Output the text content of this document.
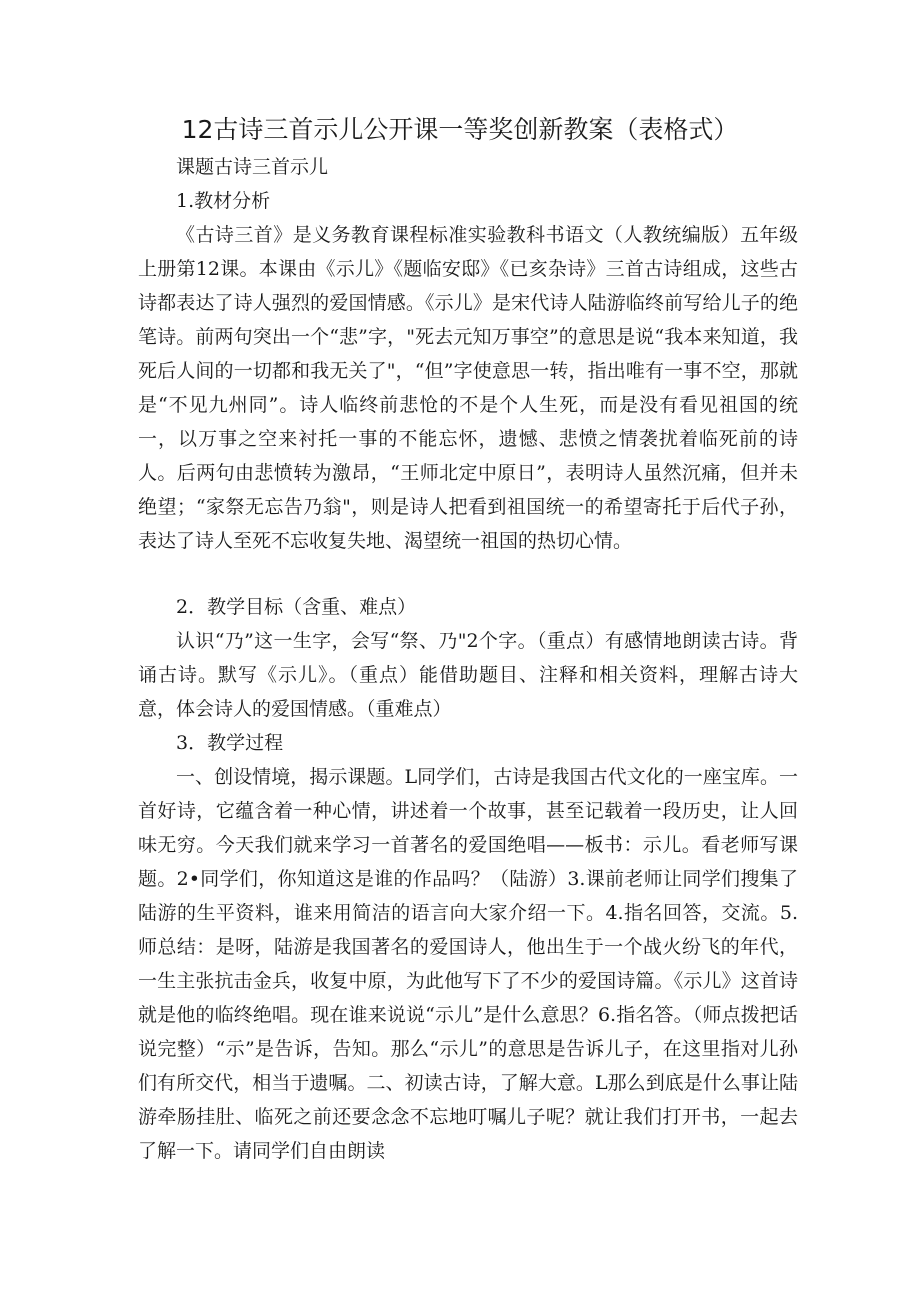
12古诗三首示儿公开课一等奖创新教案（表格式）

课题古诗三首示儿

1.教材分析

《古诗三首》是义务教育课程标准实验教科书语文（人教统编版）五年级上册第12课。本课由《示儿》《题临安邸》《已亥杂诗》三首古诗组成，这些古诗都表达了诗人强烈的爱国情感。《示儿》是宋代诗人陆游临终前写给儿子的绝笔诗。前两句突出一个“悲”字，"死去元知万事空”的意思是说“我本来知道，我死后人间的一切都和我无关了"，“但”字使意思一转，指出唯有一事不空，那就是“不见九州同”。诗人临终前悲怆的不是个人生死，而是没有看见祖国的统一，以万事之空来衬托一事的不能忘怀，遗憾、悲愤之情袭扰着临死前的诗人。后两句由悲愤转为激昂，“王师北定中原日”，表明诗人虽然沉痛，但并未绝望；“家祭无忘告乃翁"，则是诗人把看到祖国统一的希望寄托于后代子孙，表达了诗人至死不忘收复失地、渴望统一祖国的热切心情。

2．教学目标（含重、难点）

认识“乃”这一生字，会写“祭、乃"2个字。（重点）有感情地朗读古诗。背诵古诗。默写《示儿》。（重点）能借助题目、注释和相关资料，理解古诗大意，体会诗人的爱国情感。（重难点）

3．教学过程

一、创设情境，揭示课题。L同学们，古诗是我国古代文化的一座宝库。一首好诗，它蕴含着一种心情，讲述着一个故事，甚至记载着一段历史，让人回味无穷。今天我们就来学习一首著名的爱国绝唱——板书：示儿。看老师写课题。2•同学们，你知道这是谁的作品吗？（陆游）3.课前老师让同学们搜集了陆游的生平资料，谁来用简洁的语言向大家介绍一下。4.指名回答，交流。5.师总结：是呀，陆游是我国著名的爱国诗人，他出生于一个战火纷飞的年代，一生主张抗击金兵，收复中原，为此他写下了不少的爱国诗篇。《示儿》这首诗就是他的临终绝唱。现在谁来说说“示儿”是什么意思？6.指名答。（师点拨把话说完整）“示”是告诉，告知。那么“示儿”的意思是告诉儿子，在这里指对儿孙们有所交代，相当于遗嘱。二、初读古诗，了解大意。L那么到底是什么事让陆游牵肠挂肚、临死之前还要念念不忘地叮嘱儿子呢？就让我们打开书，一起去了解一下。请同学们自由朗读
